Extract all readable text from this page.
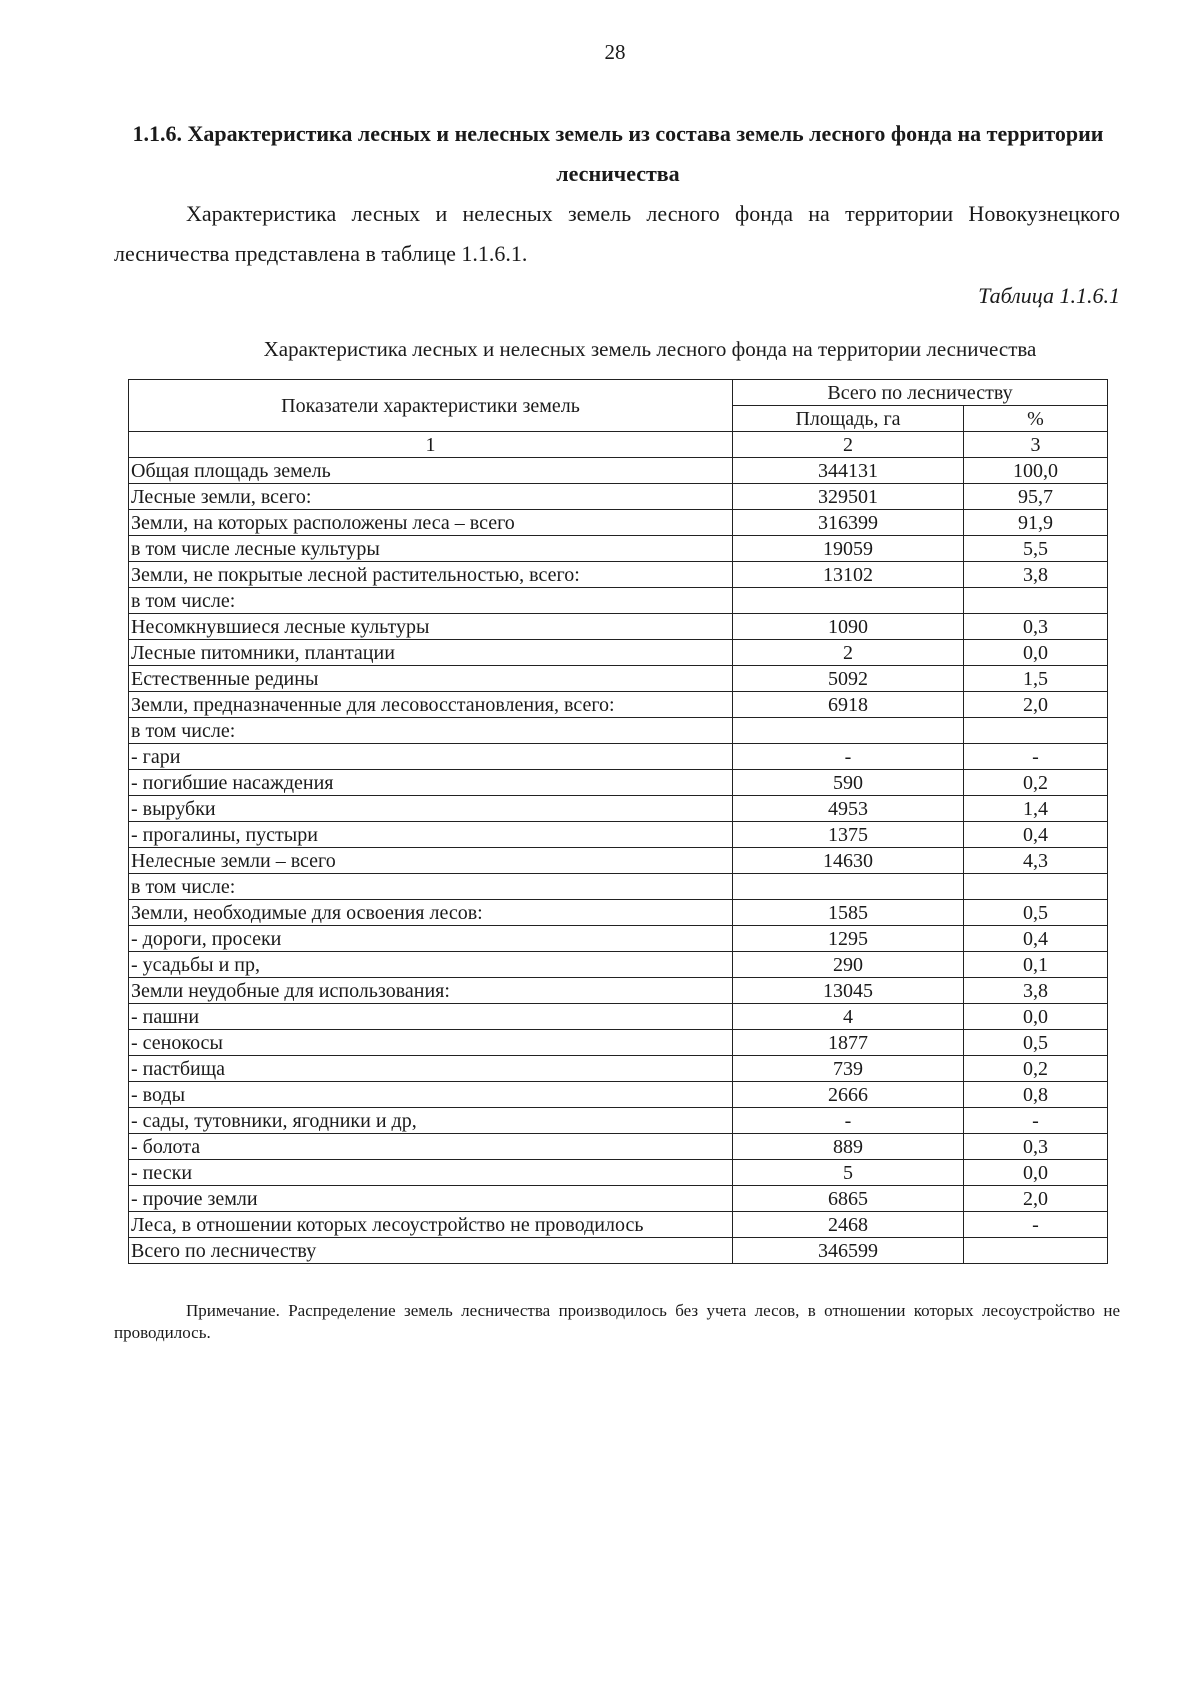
28
1.1.6. Характеристика лесных и нелесных земель из состава земель лесного фонда на территории лесничества
Характеристика лесных и нелесных земель лесного фонда на территории Новокузнецкого лесничества представлена в таблице 1.1.6.1.
Таблица 1.1.6.1
Характеристика лесных и нелесных земель лесного фонда на территории лесничества
Показатели характеристики земель	Всего по лесничеству	
	Площадь, га	%
1	2	3
Общая площадь земель	344131	100,0
Лесные земли, всего:	329501	95,7
Земли, на которых расположены леса – всего	316399	91,9
в том числе лесные культуры	19059	5,5
Земли, не покрытые лесной растительностью, всего:	13102	3,8
в том числе:		
Несомкнувшиеся лесные культуры	1090	0,3
Лесные питомники, плантации	2	0,0
Естественные редины	5092	1,5
Земли, предназначенные для лесовосстановления, всего:	6918	2,0
в том числе:		
- гари	-	-
- погибшие насаждения	590	0,2
- вырубки	4953	1,4
- прогалины, пустыри	1375	0,4
Нелесные земли – всего	14630	4,3
в том числе:		
Земли, необходимые для освоения лесов:	1585	0,5
- дороги, просеки	1295	0,4
- усадьбы и пр,	290	0,1
Земли неудобные для использования:	13045	3,8
- пашни	4	0,0
- сенокосы	1877	0,5
- пастбища	739	0,2
- воды	2666	0,8
- сады, тутовники, ягодники и др,	-	-
- болота	889	0,3
- пески	5	0,0
- прочие земли	6865	2,0
Леса, в отношении которых лесоустройство не проводилось	2468	-
Всего по лесничеству	346599	
Примечание. Распределение земель лесничества производилось без учета лесов, в отношении которых лесоустройство не проводилось.
